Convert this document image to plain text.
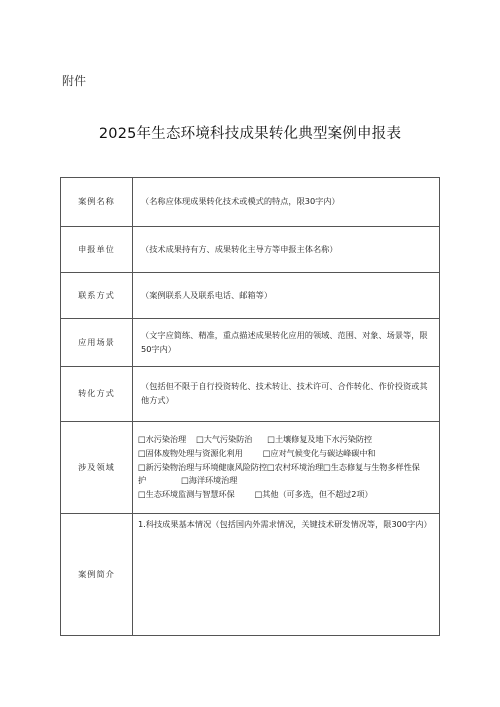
附件
2025年生态环境科技成果转化典型案例申报表
案例名称	（名称应体现成果转化技术或模式的特点，限30字内）
申报单位	（技术成果持有方、成果转化主导方等申报主体名称）
联系方式	（案例联系人及联系电话、邮箱等）
应用场景	（文字应简练、精准，重点描述成果转化应用的领域、范围、对象、场景等，限50字内）
转化方式	（包括但不限于自行投资转化、技术转让、技术许可、合作转化、作价投资或其他方式）
涉及领域	□水污染治理 □大气污染防治 □土壤修复及地下水污染防控
□固体废物处理与资源化利用 □应对气候变化与碳达峰碳中和
□新污染物治理与环境健康风险防控□农村环境治理□生态修复与生物多样性保护 □海洋环境治理
□生态环境监测与智慧环保 □其他（可多选，但不超过2项）

案例简介	1.科技成果基本情况（包括国内外需求情况，关键技术研发情况等，限300字内）
